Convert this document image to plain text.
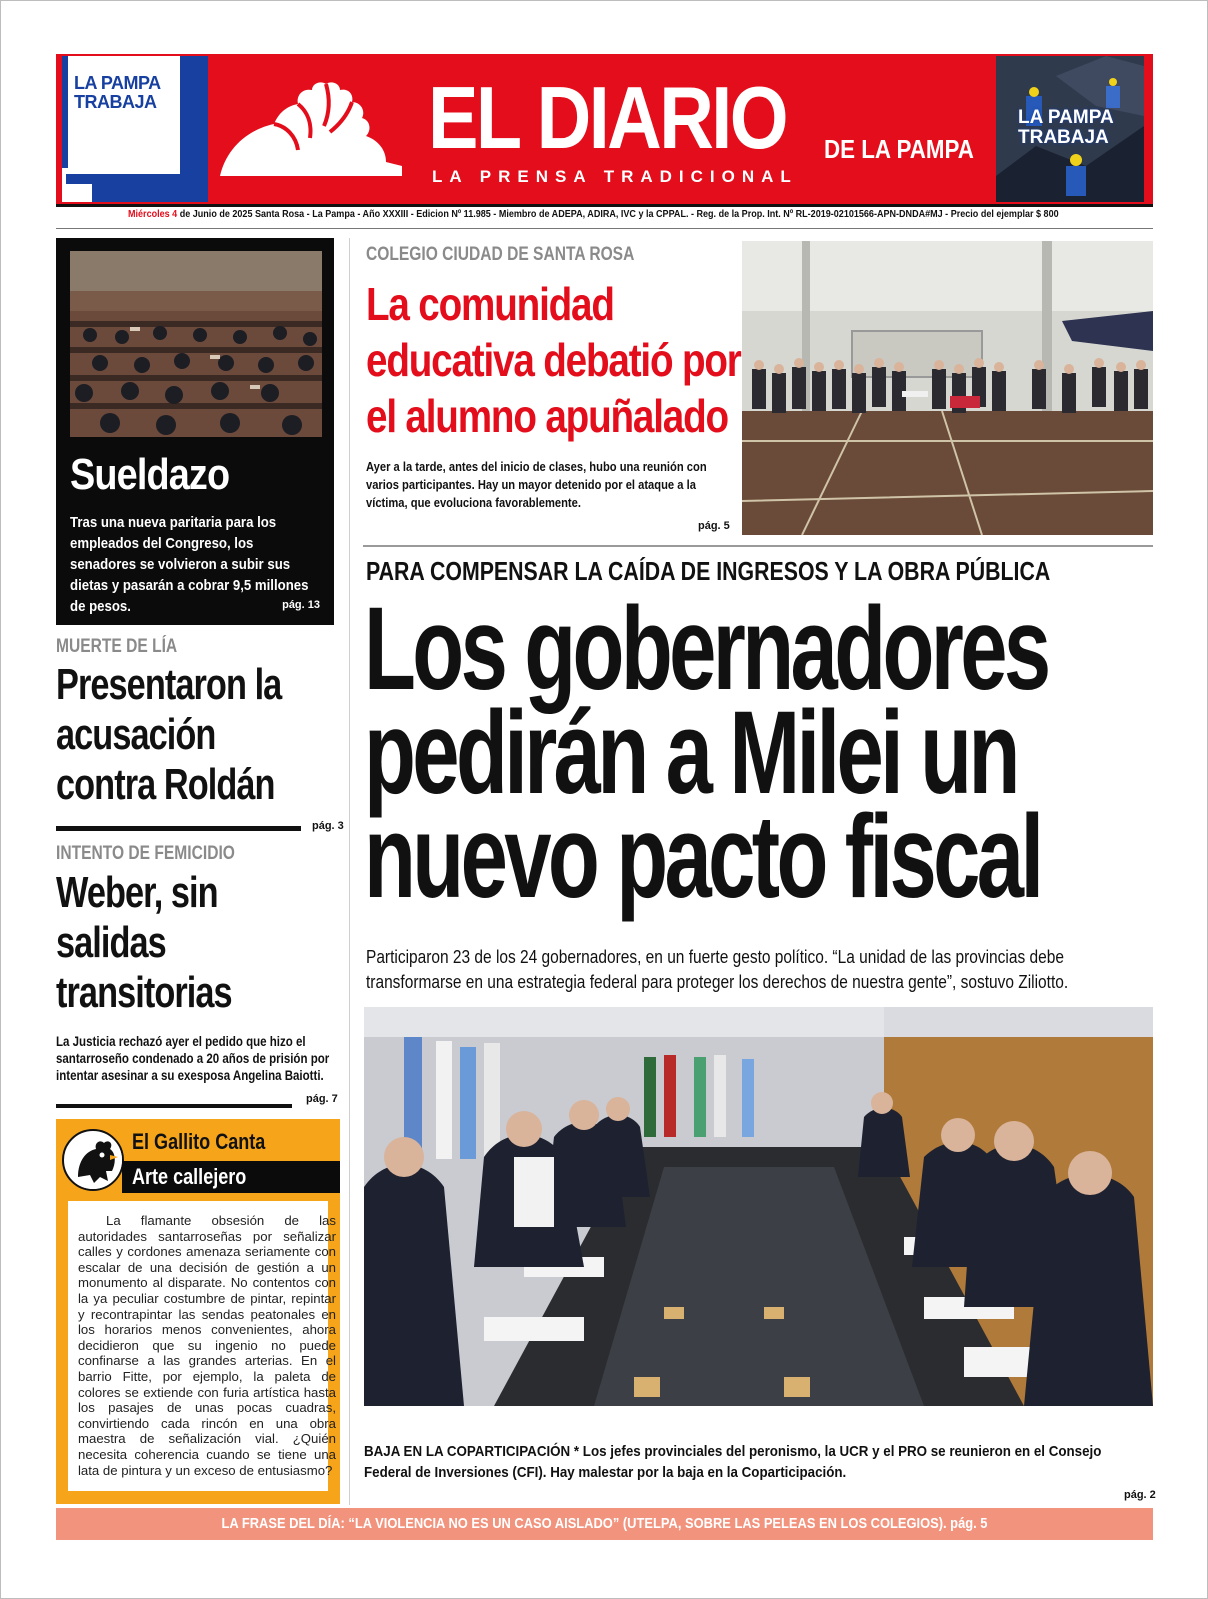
LA PAMPA
TRABAJA	EL DIARIO DE LA PAMPA
LA PRENSA TRADICIONAL
LA PAMPA
TRABAJA
Miércoles 4 de Junio de 2025 Santa Rosa - La Pampa - Año XXXIII - Edicion Nº 11.985 - Miembro de ADEPA, ADIRA, IVC y la CPPAL. - Reg. de la Prop. Int. Nº RL-2019-02101566-APN-DNDA#MJ - Precio del ejemplar $ 800
Sueldazo

Tras una nueva paritaria para los empleados del Congreso, los senadores se volvieron a subir sus dietas y pasarán a cobrar 9,5 millones de pesos.	pág. 13
MUERTE DE LÍA
Presentaron la acusación contra Roldán
pág. 3
INTENTO DE FEMICIDIO
Weber, sin salidas transitorias
La Justicia rechazó ayer el pedido que hizo el santarroseño condenado a 20 años de prisión por intentar asesinar a su exesposa Angelina Baiotti.
pág. 7
El Gallito Canta
Arte callejero
La flamante obsesión de las autoridades santarroseñas por señalizar calles y cordones amenaza seriamente con escalar de una decisión de gestión a un monumento al disparate. No contentos con la ya peculiar costumbre de pintar, repintar y recontrapintar las sendas peatonales en los horarios menos convenientes, ahora decidieron que su ingenio no puede confinarse a las grandes arterias. En el barrio Fitte, por ejemplo, la paleta de colores se extiende con furia artística hasta los pasajes de unas pocas cuadras, convirtiendo cada rincón en una obra maestra de señalización vial. ¿Quién necesita coherencia cuando se tiene una lata de pintura y un exceso de entusiasmo?
COLEGIO CIUDAD DE SANTA ROSA
La comunidad educativa debatió por el alumno apuñalado
Ayer a la tarde, antes del inicio de clases, hubo una reunión con varios participantes. Hay un mayor detenido por el ataque a la víctima, que evoluciona favorablemente.
pág. 5
PARA COMPENSAR LA CAÍDA DE INGRESOS Y LA OBRA PÚBLICA
Los gobernadores pedirán a Milei un nuevo pacto fiscal
Participaron 23 de los 24 gobernadores, en un fuerte gesto político. “La unidad de las provincias debe transformarse en una estrategia federal para proteger los derechos de nuestra gente”, sostuvo Ziliotto.
BAJA EN LA COPARTICIPACIÓN * Los jefes provinciales del peronismo, la UCR y el PRO se reunieron en el Consejo Federal de Inversiones (CFI). Hay malestar por la baja en la Coparticipación.
pág. 2
LA FRASE DEL DÍA: “LA VIOLENCIA NO ES UN CASO AISLADO” (UTELPA, SOBRE LAS PELEAS EN LOS COLEGIOS). pág. 5
